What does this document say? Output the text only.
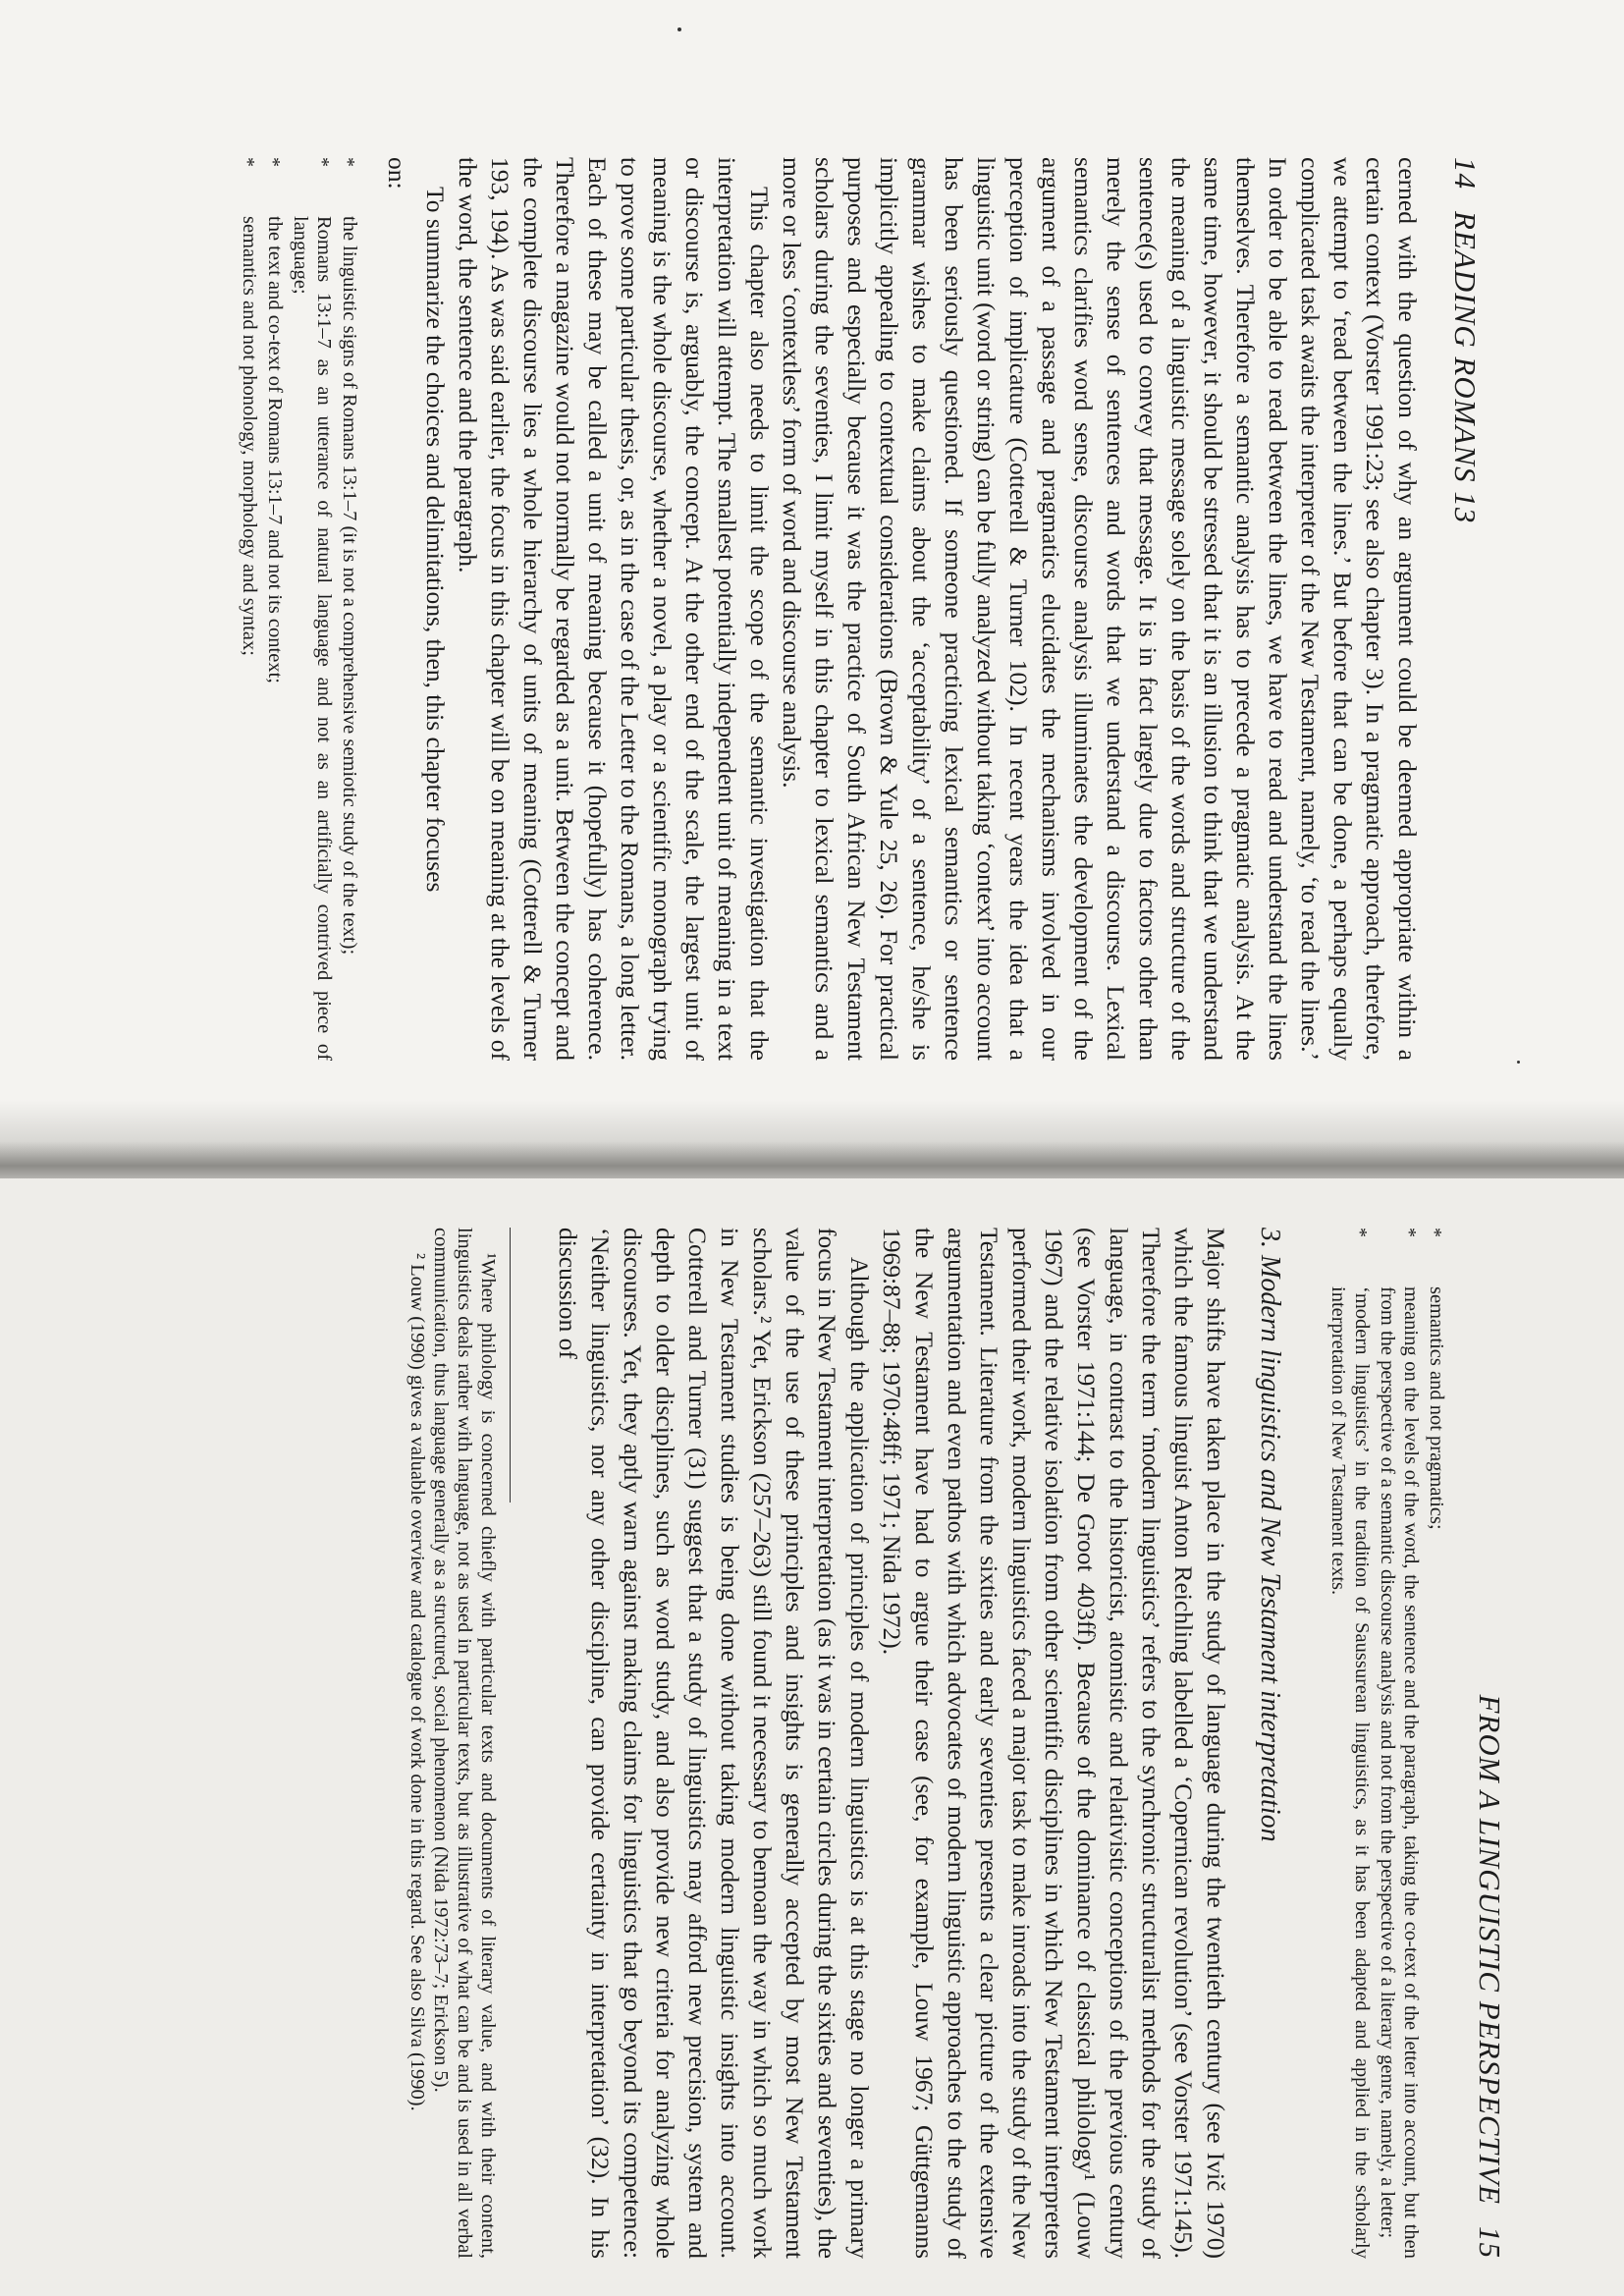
14
READING ROMANS 13

cerned with the question of why an argument could be deemed appropriate within a certain context (Vorster 1991:23; see also chapter 3). In a pragmatic approach, therefore, we attempt to ‘read between the lines.’ But before that can be done, a perhaps equally complicated task awaits the interpreter of the New Testament, namely, ‘to read the lines.’ In order to be able to read between the lines, we have to read and understand the lines themselves. Therefore a semantic analysis has to precede a pragmatic analysis. At the same time, however, it should be stressed that it is an illusion to think that we understand the meaning of a linguistic message solely on the basis of the words and structure of the sentence(s) used to convey that message. It is in fact largely due to factors other than merely the sense of sentences and words that we understand a discourse. Lexical semantics clarifies word sense, discourse analysis illuminates the development of the argument of a passage and pragmatics elucidates the mechanisms involved in our perception of implicature (Cotterell & Turner 102). In recent years the idea that a linguistic unit (word or string) can be fully analyzed without taking ‘context’ into account has been seriously questioned. If someone practicing lexical semantics or sentence grammar wishes to make claims about the ‘acceptability’ of a sentence, he/she is implicitly appealing to contextual considerations (Brown & Yule 25, 26). For practical purposes and especially because it was the practice of South African New Testament scholars during the seventies, I limit myself in this chapter to lexical semantics and a more or less ‘contextless’ form of word and discourse analysis.

This chapter also needs to limit the scope of the semantic investigation that the interpretation will attempt. The smallest potentially independent unit of meaning in a text or discourse is, arguably, the concept. At the other end of the scale, the largest unit of meaning is the whole discourse, whether a novel, a play or a scientific monograph trying to prove some particular thesis, or, as in the case of the Letter to the Romans, a long letter. Each of these may be called a unit of meaning because it (hopefully) has coherence. Therefore a magazine would not normally be regarded as a unit. Between the concept and the complete discourse lies a whole hierarchy of units of meaning (Cotterell & Turner 193, 194). As was said earlier, the focus in this chapter will be on meaning at the levels of the word, the sentence and the paragraph.

To summarize the choices and delimitations, then, this chapter focuses

on:
*
the linguistic signs of Romans 13:1–7 (it is not a comprehensive semiotic study of the text);
*
Romans 13:1–7 as an utterance of natural language and not as an artificially contrived piece of language;
*
the text and co-text of Romans 13:1–7 and not its context;
*
semantics and not phonology, morphology and syntax;
FROM A LINGUISTIC PERSPECTIVE
15
*
semantics and not pragmatics;
*
meaning on the levels of the word, the sentence and the paragraph, taking the co-text of the letter into account, but then from the perspective of a semantic discourse analysis and not from the perspective of a literary genre, namely, a letter;
*
‘modern linguistics’ in the tradition of Saussurean linguistics, as it has been adapted and applied in the scholarly interpretation of New Testament texts.
3. Modern linguistics and New Testament interpretation

Major shifts have taken place in the study of language during the twentieth century (see Ivič 1970) which the famous linguist Anton Reichling labelled a ‘Copernican revolution’ (see Vorster 1971:145). Therefore the term ‘modern linguistics’ refers to the synchronic structuralist methods for the study of language, in contrast to the historicist, atomistic and relativistic conceptions of the previous century (see Vorster 1971:144; De Groot 403ff). Because of the dominance of classical philology¹ (Louw 1967) and the relative isolation from other scientific disciplines in which New Testament interpreters performed their work, modern linguistics faced a major task to make inroads into the study of the New Testament. Literature from the sixties and early seventies presents a clear picture of the extensive argumentation and even pathos with which advocates of modern linguistic approaches to the study of the New Testament have had to argue their case (see, for example, Louw 1967; Güttgemanns 1969:87–88; 1970:48ff; 1971; Nida 1972).

Although the application of principles of modern linguistics is at this stage no longer a primary focus in New Testament interpretation (as it was in certain circles during the sixties and seventies), the value of the use of these principles and insights is generally accepted by most New Testament scholars.² Yet, Erickson (257–263) still found it necessary to bemoan the way in which so much work in New Testament studies is being done without taking modern linguistic insights into account. Cotterell and Turner (31) suggest that a study of linguistics may afford new precision, system and depth to older disciplines, such as word study, and also provide new criteria for analyzing whole discourses. Yet, they aptly warn against making claims for linguistics that go beyond its competence: ‘Neither linguistics, nor any other discipline, can provide certainty in interpretation’ (32). In his discussion of

¹Where philology is concerned chiefly with particular texts and documents of literary value, and with their content, linguistics deals rather with language, not as used in particular texts, but as illustrative of what can be and is used in all verbal communication, thus language generally as a structured, social phenomenon (Nida 1972:73–7; Erickson 5).

² Louw (1990) gives a valuable overview and catalogue of work done in this regard. See also Silva (1990).
